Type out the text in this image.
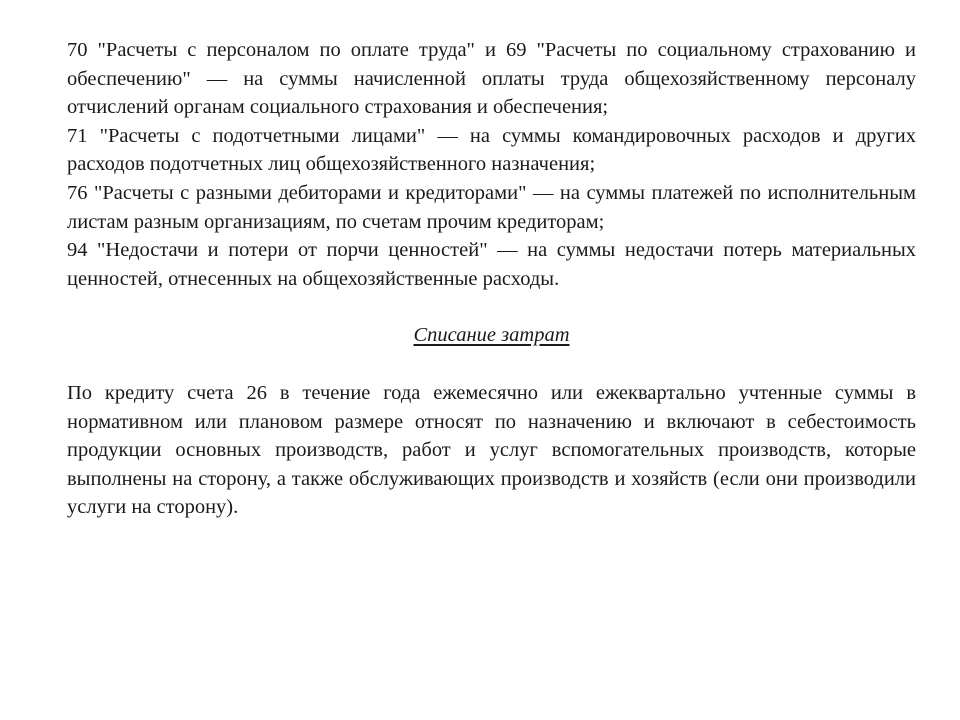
70 "Расчеты с персоналом по оплате труда" и 69 "Расчеты по социальному страхованию и обеспечению" — на суммы начисленной оплаты труда общехозяйственному персоналу отчислений органам социального страхования и обеспечения;

71 "Расчеты с подотчетными лицами" — на суммы командировочных расходов и других расходов подотчетных лиц общехозяйственного назначения;

76 "Расчеты с разными дебиторами и кредиторами" — на суммы платежей по исполнительным листам разным организациям, по счетам прочим кредиторам;

94 "Недостачи и потери от порчи ценностей" — на суммы недостачи потерь материальных ценностей, отнесенных на общехозяйственные расходы.

Списание затрат

По кредиту счета 26 в течение года ежемесячно или ежеквартально учтенные суммы в нормативном или плановом размере относят по назначению и включают в себестоимость продукции основных производств, работ и услуг вспомогательных производств, которые выполнены на сторону, а также обслуживающих производств и хозяйств (если они производили услуги на сторону).
